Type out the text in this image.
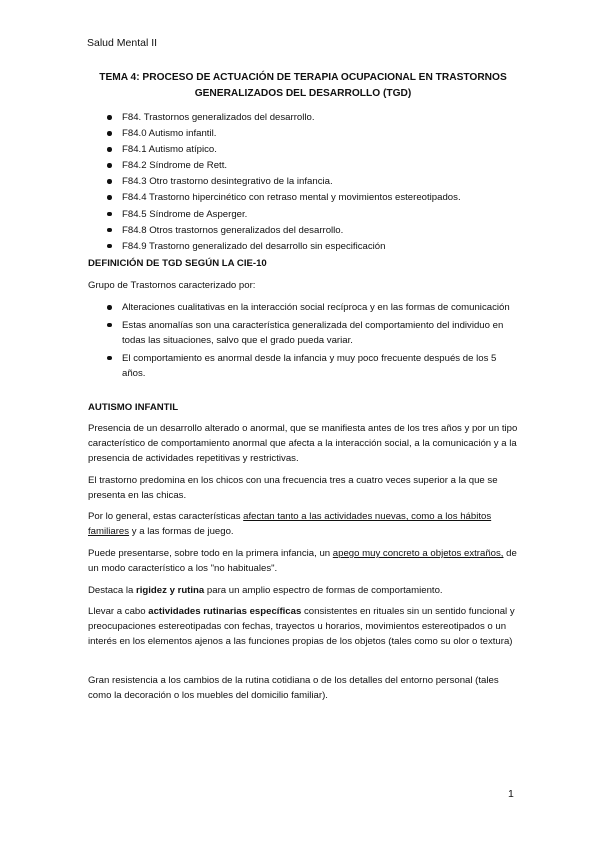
Salud Mental II
TEMA 4: PROCESO DE ACTUACIÓN DE TERAPIA OCUPACIONAL EN TRASTORNOS GENERALIZADOS DEL DESARROLLO (TGD)
F84. Trastornos generalizados del desarrollo.
F84.0 Autismo infantil.
F84.1 Autismo atípico.
F84.2 Síndrome de Rett.
F84.3 Otro trastorno desintegrativo de la infancia.
F84.4 Trastorno hipercinético con retraso mental y movimientos estereotipados.
F84.5 Síndrome de Asperger.
F84.8 Otros trastornos generalizados del desarrollo.
F84.9 Trastorno generalizado del desarrollo sin especificación
DEFINICIÓN DE TGD SEGÚN LA CIE-10
Grupo de Trastornos caracterizado por:
Alteraciones cualitativas en la interacción social recíproca y en las formas de comunicación
Estas anomalías son una característica generalizada del comportamiento del individuo en todas las situaciones, salvo que el grado pueda variar.
El comportamiento es anormal desde la infancia y muy poco frecuente después de los 5 años.
AUTISMO INFANTIL
Presencia de un desarrollo alterado o anormal, que se manifiesta antes de los tres años y por un tipo característico de comportamiento anormal que afecta a la interacción social, a la comunicación y a la presencia de actividades repetitivas y restrictivas.
El trastorno predomina en los chicos con una frecuencia tres a cuatro veces superior a la que se presenta en las chicas.
Por lo general, estas características afectan tanto a las actividades nuevas, como a los hábitos familiares y a las formas de juego.
Puede presentarse, sobre todo en la primera infancia, un apego muy concreto a objetos extraños, de un modo característico a los "no habituales".
Destaca la rigidez y rutina para un amplio espectro de formas de comportamiento.
Llevar a cabo actividades rutinarias específicas consistentes en rituales sin un sentido funcional y preocupaciones estereotipadas con fechas, trayectos u horarios, movimientos estereotipados o un interés en los elementos ajenos a las funciones propias de los objetos (tales como su olor o textura)
Gran resistencia a los cambios de la rutina cotidiana o de los detalles del entorno personal (tales como la decoración o los muebles del domicilio familiar).
1
